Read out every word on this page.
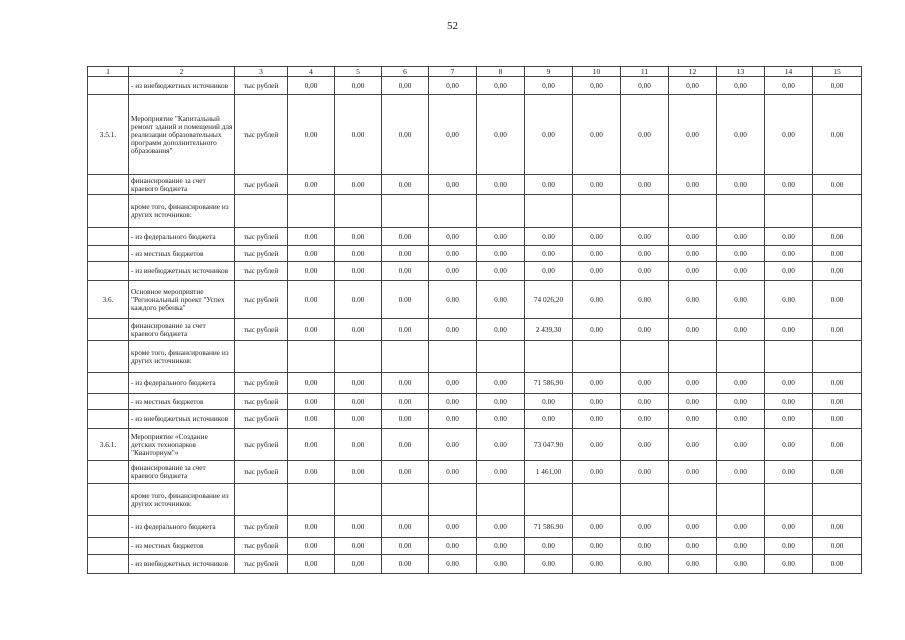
52
1	2	3	4	5	6	7	8	9	10	11	12	13	14	15
	- из внебюджетных источников	тыс рублей	0,00	0,00	0,00	0,00	0,00	0,00	0,00	0,00	0,00	0,00	0,00	0,00
3.5.1.	Мероприятие "Капитальный ремонт зданий и помещений для реализации образовательных программ дополнительного образования"	тыс рублей	0.00	0.00	0.00	0,00	0.00	0.00	0.00	0.00	0.00	0.00	0.00	0.00
	финансирование за счет краевого бюджета	тыс рублей	0.00	0.00	0.00	0,00	0.00	0.00	0.00	0.00	0.00	0.00	0.00	0.00
	кроме того, финансирование из других источников:													
	- из федерального бюджета	тыс рублей	0.00	0.00	0.00	0,00	0.00	0.00	0.00	0.00	0.00	0.00	0.00	0.00
	- из местных бюджетов	тыс рублей	0.00	0.00	0.00	0.00	0.00	0.00	0.00	0.00	0.00	0.00	0.00	0.00
	- из внебюджетных источников	тыс рублей	0.00	0.00	0.00	0.00	0.00	0.00	0.00	0.00	0.00	0.00	0.00	0.00
3.6.	Основное мероприятие "Региональный проект "Успех каждого ребенка"	тыс рублей	0.00	0.00	0.00	0.00	0.00	74 026,20	0.00	0.00	0.00	0.00	0.00	0.00
	финансирование за счет краевого бюджета	тыс рублей	0.00	0.00	0.00	0.00	0.00	2 439,30	0.00	0.00	0.00	0.00	0.00	0.00
	кроме того, финансирование из других источников:													
	- из федерального бюджета	тыс рублей	0,00	0,00	0.00	0,00	0.00	71 586,90	0.00	0.00	0.00	0.00	0.00	0.00
	- из местных бюджетов	тыс рублей	0.00	0.00	0.00	0.00	0.00	0.00	0.00	0.00	0.00	0.00	0.00	0.00
	- из внебюджетных источников	тыс рублей	0.00	0.00	0.00	0.00	0.00	0.00	0.00	0.00	0.00	0.00	0.00	0.00
3.6.1.	Мероприятие «Создание детских технопарков "Кванториум"»	тыс рублей	0.00	0.00	0.00	0.00	0.00	73 047.90	0.00	0.00	0.00	0.00	0.00	0.00
	финансирование за счет краевого бюджета	тыс рублей	0.00	0.00	0.00	0.00	0.00	1 461,00	0.00	0.00	0.00	0.00	0.00	0.00
	кроме того, финансирование из других источников:													
	- из федерального бюджета	тыс рублей	0.00	0.00	0.00	0.00	0.00	71 586.90	0.00	0.00	0.00	0.00	0.00	0.00
	- из местных бюджетов	тыс рублей	0.00	0.00	0.00	0.00	0.00	0.00	0.00	0.00	0.00	0.00	0.00	0.00
	- из внебюджетных источников	тыс рублей	0,00	0,00	0.00	0.00	0.00	0.00	0.00	0.00	0.00	0.00	0.00	0.00
